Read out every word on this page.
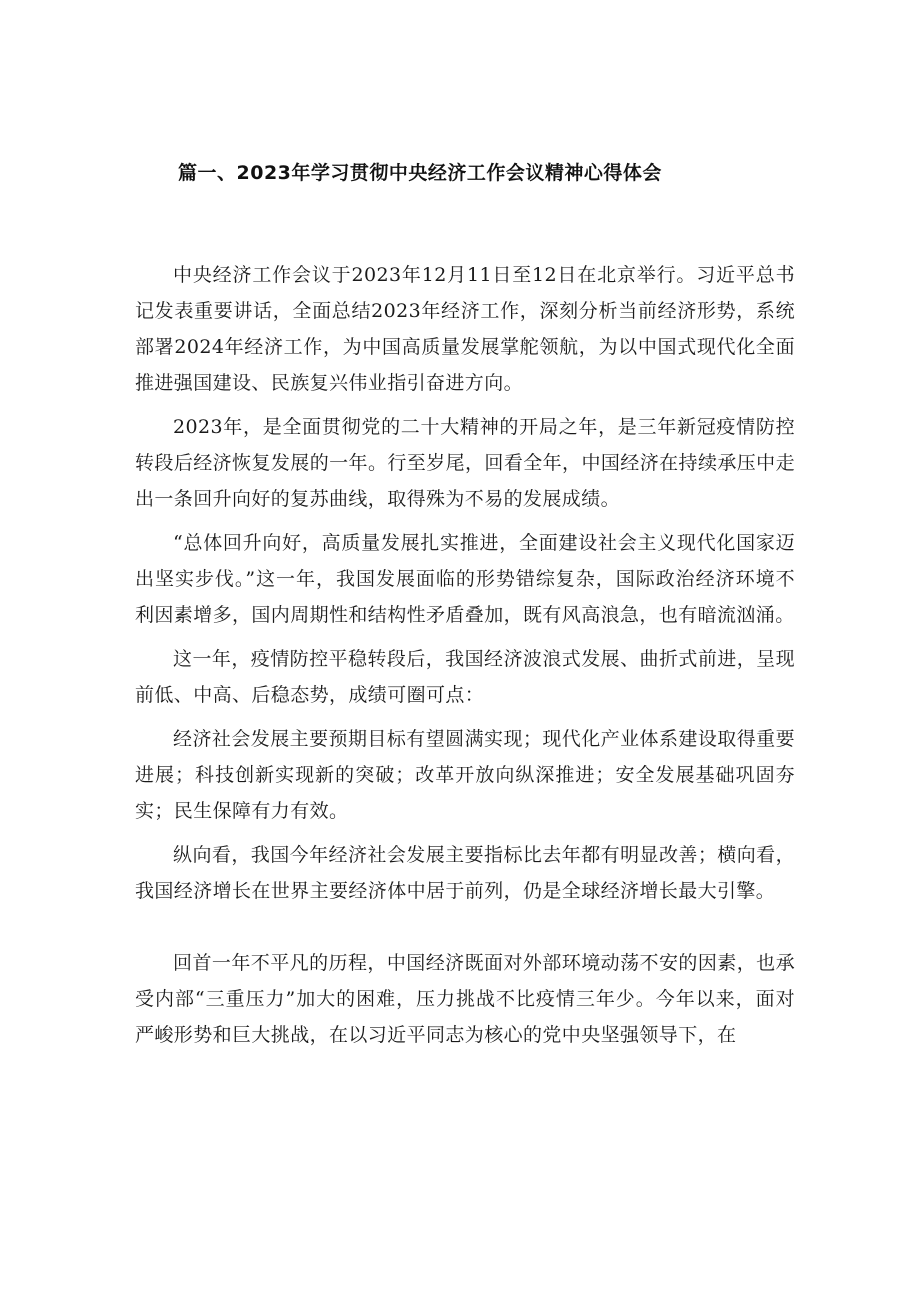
篇一、2023年学习贯彻中央经济工作会议精神心得体会

中央经济工作会议于2023年12月11日至12日在北京举行。习近平总书记发表重要讲话，全面总结2023年经济工作，深刻分析当前经济形势，系统部署2024年经济工作，为中国高质量发展掌舵领航，为以中国式现代化全面推进强国建设、民族复兴伟业指引奋进方向。

2023年，是全面贯彻党的二十大精神的开局之年，是三年新冠疫情防控转段后经济恢复发展的一年。行至岁尾，回看全年，中国经济在持续承压中走出一条回升向好的复苏曲线，取得殊为不易的发展成绩。

“总体回升向好，高质量发展扎实推进，全面建设社会主义现代化国家迈出坚实步伐。”这一年，我国发展面临的形势错综复杂，国际政治经济环境不利因素增多，国内周期性和结构性矛盾叠加，既有风高浪急，也有暗流汹涌。

这一年，疫情防控平稳转段后，我国经济波浪式发展、曲折式前进，呈现前低、中高、后稳态势，成绩可圈可点：

经济社会发展主要预期目标有望圆满实现；现代化产业体系建设取得重要进展；科技创新实现新的突破；改革开放向纵深推进；安全发展基础巩固夯实；民生保障有力有效。

纵向看，我国今年经济社会发展主要指标比去年都有明显改善；横向看，我国经济增长在世界主要经济体中居于前列，仍是全球经济增长最大引擎。

回首一年不平凡的历程，中国经济既面对外部环境动荡不安的因素，也承受内部“三重压力”加大的困难，压力挑战不比疫情三年少。今年以来，面对严峻形势和巨大挑战，在以习近平同志为核心的党中央坚强领导下，在
